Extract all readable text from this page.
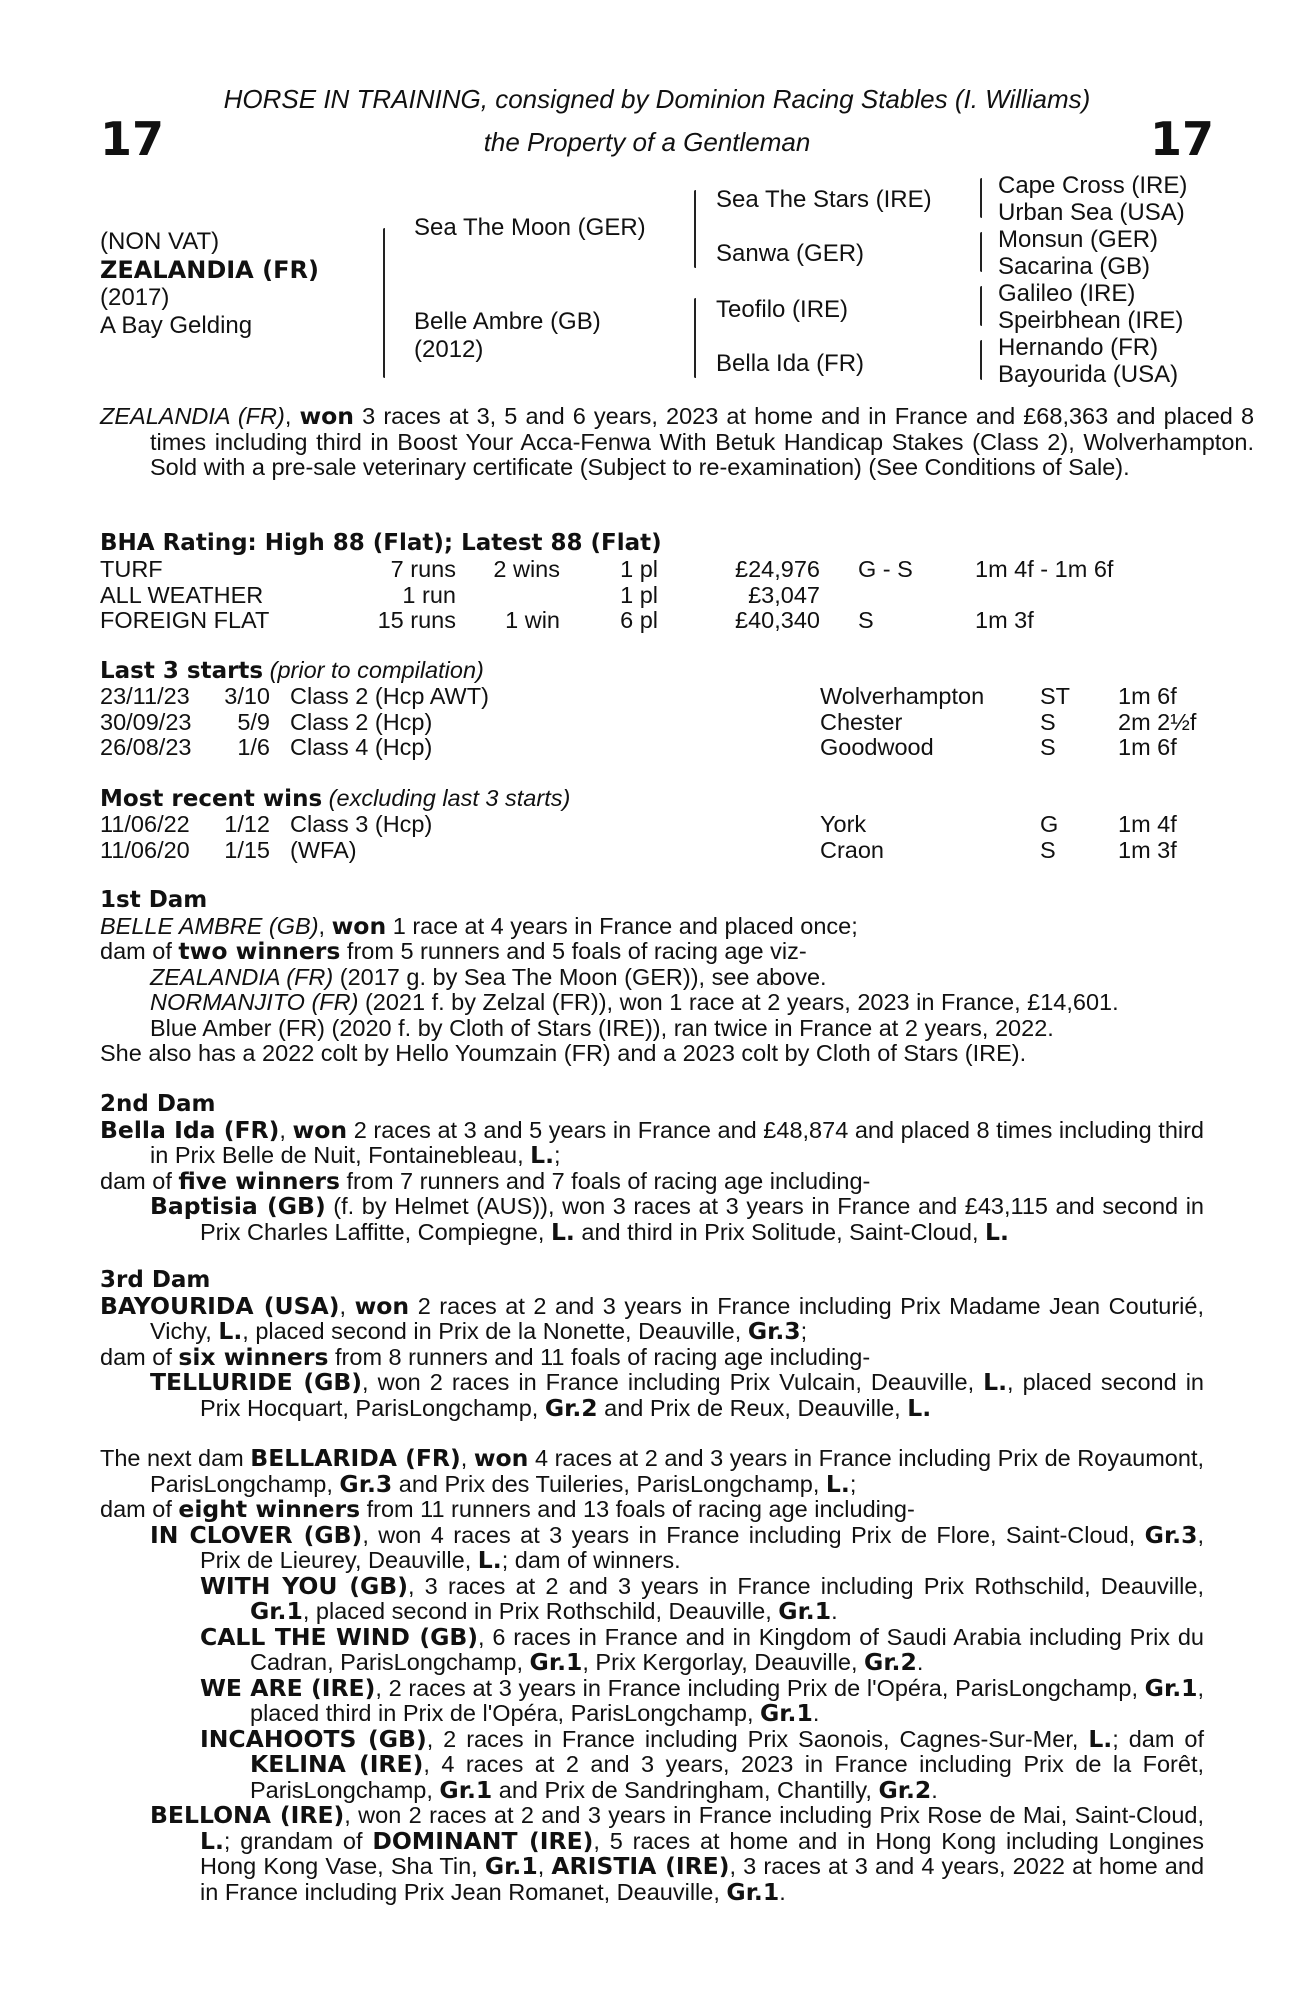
17	17
HORSE IN TRAINING, consigned by Dominion Racing Stables (I. Williams)
the Property of a Gentleman
(NON VAT)
ZEALANDIA (FR)
(2017)
A Bay Gelding
Sea The Moon (GER)
Belle Ambre (GB)
(2012)
Sea The Stars (IRE)
Sanwa (GER)
Teofilo (IRE)
Bella Ida (FR)
Cape Cross (IRE)
Urban Sea (USA)
Monsun (GER)
Sacarina (GB)
Galileo (IRE)
Speirbhean (IRE)
Hernando (FR)
Bayourida (USA)
ZEALANDIA (FR), won 3 races at 3, 5 and 6 years, 2023 at home and in France and £68,363 and placed 8 times including third in Boost Your Acca-Fenwa With Betuk Handicap Stakes (Class 2), Wolverhampton. Sold with a pre-sale veterinary certificate (Subject to re-examination) (See Conditions of Sale).
BHA Rating: High 88 (Flat); Latest 88 (Flat)
TURF	7 runs	2 wins	1 pl	£24,976 G - S	1m 4f - 1m 6f
ALL WEATHER	1 run	1 pl	£3,047
FOREIGN FLAT	15 runs	1 win	6 pl	£40,340 S	1m 3f
Last 3 starts (prior to compilation)
23/11/23	3/10 Class 2 (Hcp AWT)	Wolverhampton ST 1m 6f
30/09/23	5/9 Class 2 (Hcp)	Chester	S	2m 2½f
26/08/23	1/6 Class 4 (Hcp)	Goodwood	S	1m 6f
Most recent wins (excluding last 3 starts)
11/06/22	1/12 Class 3 (Hcp)	York	G	1m 4f
11/06/20	1/15 (WFA)	Craon	S	1m 3f
1st Dam
BELLE AMBRE (GB), won 1 race at 4 years in France and placed once;
dam of two winners from 5 runners and 5 foals of racing age viz-
ZEALANDIA (FR) (2017 g. by Sea The Moon (GER)), see above.
NORMANJITO (FR) (2021 f. by Zelzal (FR)), won 1 race at 2 years, 2023 in France, £14,601.
Blue Amber (FR) (2020 f. by Cloth of Stars (IRE)), ran twice in France at 2 years, 2022.
She also has a 2022 colt by Hello Youmzain (FR) and a 2023 colt by Cloth of Stars (IRE).
2nd Dam
Bella Ida (FR), won 2 races at 3 and 5 years in France and £48,874 and placed 8 times including third in Prix Belle de Nuit, Fontainebleau, L.;
dam of five winners from 7 runners and 7 foals of racing age including-
Baptisia (GB) (f. by Helmet (AUS)), won 3 races at 3 years in France and £43,115 and second in Prix Charles Laffitte, Compiegne, L. and third in Prix Solitude, Saint-Cloud, L.
3rd Dam
BAYOURIDA (USA), won 2 races at 2 and 3 years in France including Prix Madame Jean Couturié, Vichy, L., placed second in Prix de la Nonette, Deauville, Gr.3;
dam of six winners from 8 runners and 11 foals of racing age including-
TELLURIDE (GB), won 2 races in France including Prix Vulcain, Deauville, L., placed second in Prix Hocquart, ParisLongchamp, Gr.2 and Prix de Reux, Deauville, L.
The next dam BELLARIDA (FR), won 4 races at 2 and 3 years in France including Prix de Royaumont, ParisLongchamp, Gr.3 and Prix des Tuileries, ParisLongchamp, L.;
dam of eight winners from 11 runners and 13 foals of racing age including-
IN CLOVER (GB), won 4 races at 3 years in France including Prix de Flore, Saint-Cloud, Gr.3, Prix de Lieurey, Deauville, L.; dam of winners.
WITH YOU (GB), 3 races at 2 and 3 years in France including Prix Rothschild, Deauville, Gr.1, placed second in Prix Rothschild, Deauville, Gr.1.
CALL THE WIND (GB), 6 races in France and in Kingdom of Saudi Arabia including Prix du Cadran, ParisLongchamp, Gr.1, Prix Kergorlay, Deauville, Gr.2.
WE ARE (IRE), 2 races at 3 years in France including Prix de l'Opéra, ParisLongchamp, Gr.1, placed third in Prix de l'Opéra, ParisLongchamp, Gr.1.
INCAHOOTS (GB), 2 races in France including Prix Saonois, Cagnes-Sur-Mer, L.; dam of KELINA (IRE), 4 races at 2 and 3 years, 2023 in France including Prix de la Forêt, ParisLongchamp, Gr.1 and Prix de Sandringham, Chantilly, Gr.2.
BELLONA (IRE), won 2 races at 2 and 3 years in France including Prix Rose de Mai, Saint-Cloud, L.; grandam of DOMINANT (IRE), 5 races at home and in Hong Kong including Longines Hong Kong Vase, Sha Tin, Gr.1, ARISTIA (IRE), 3 races at 3 and 4 years, 2022 at home and in France including Prix Jean Romanet, Deauville, Gr.1.
